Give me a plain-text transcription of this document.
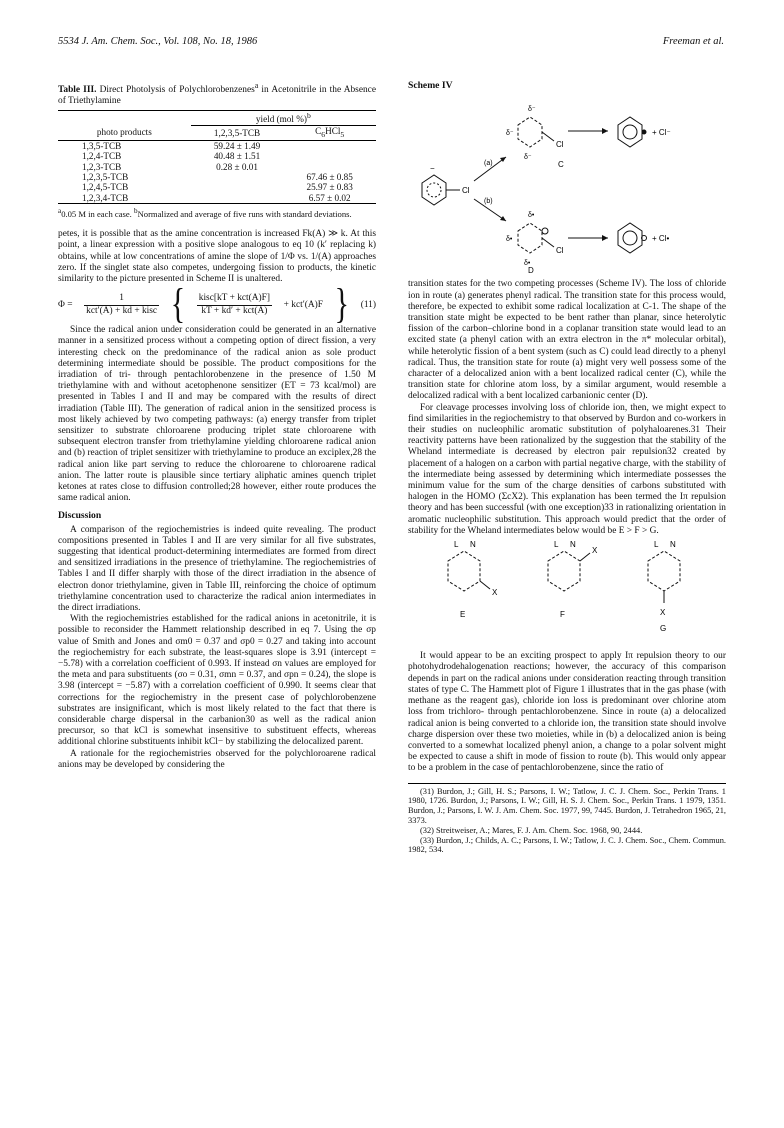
5534 J. Am. Chem. Soc., Vol. 108, No. 18, 1986	Freeman et al.
Table III. Direct Photolysis of Polychlorobenzenes$^a$ in Acetonitrile in the Absence of Triethylamine
	yield (mol %)$^b$
photo products	1,2,3,5-TCB	$C_6HCl_5$
1,3,5-TCB	59.24 ± 1.49	
1,2,4-TCB	40.48 ± 1.51	
1,2,3-TCB	0.28 ± 0.01	
1,2,3,5-TCB		67.46 ± 0.85
1,2,4,5-TCB		25.97 ± 0.83
1,2,3,4-TCB		6.57 ± 0.02
$^a$0.05 M in each case. $^b$Normalized and average of five runs with standard deviations.

petes, it is possible that as the amine concentration is increased Fk(A) ≫ k. At this point, a linear expression with a positive slope analogous to eq 10 (k′ replacing k) obtains, while at low concentrations of amine the slope of 1/Φ vs. 1/(A) approaches zero. If the singlet state also competes, undergoing fission to products, the kinetic similarity to the picture presented in Scheme II is unaltered.

$\Phi = \frac{1}{\text{kct′(A) + kd + kisc}}$ { $\frac{\text{kisc[kT + kct(A)F]}}{\text{kT + kd′ + kct(A)}} + kct'(A)F$ } (11)

Since the radical anion under consideration could be generated in an alternative manner in a sensitized process without a competing option of direct fission, a very interesting check on the predominance of the radical anion as sole product determining intermediate should be possible. The product compositions for the irradiation of tri- through pentachlorobenzene in the presence of 1.50 M triethylamine with and without acetophenone sensitizer (ET = 73 kcal/mol) are presented in Tables I and II and may be compared with the results of direct irradiation (Table III). The generation of radical anion in the sensitized process is most likely achieved by two competing pathways: (a) energy transfer from triplet sensitizer to substrate chloroarene producing triplet state chloroarene with subsequent electron transfer from triethylamine yielding chloroarene radical anion and (b) reaction of triplet sensitizer with triethylamine to produce an exciplex,28 the radical anion like part serving to reduce the chloroarene to chloroarene radical anion. The latter route is plausible since tertiary aliphatic amines quench triplet ketones at rates close to diffusion controlled;28 however, either route produces the same radical anion.

Discussion

A comparison of the regiochemistries is indeed quite revealing. The product compositions presented in Tables I and II are very similar for all five substrates, suggesting that identical product-determining intermediates are formed from direct and sensitized irradiations in the presence of triethylamine. The regiochemistries of Tables I and II differ sharply with those of the direct irradiation in the absence of electron donor triethylamine, given in Table III, reinforcing the choice of optimum triethylamine concentration used to characterize the radical anion intermediates in the direct irradiations.

With the regiochemistries established for the radical anions in acetonitrile, it is possible to reconsider the Hammett relationship described in eq 7. Using the σp value of Smith and Jones and σm0 = 0.37 and σp0 = 0.27 and taking into account the regiochemistry for each substrate, the least-squares slope is 3.91 (intercept = −5.78) with a correlation coefficient of 0.993. If instead σn values are employed for the meta and para substituents (σo = 0.31, σmn = 0.37, and σpn = 0.24), the slope is 3.98 (intercept = −5.87) with a correlation coefficient of 0.990. It seems clear that corrections for the regiochemistry in the present case of polychlorobenzene substrates are insignificant, which is most likely related to the fact that there is considerable charge dispersal in the carbanion30 as well as the radical anion precursor, so that kCl is somewhat insensitive to substituent effects, whereas additional chlorine substituents inhibit kCl− by stabilizing the delocalized parent.

A rationale for the regiochemistries observed for the polychloroarene radical anions may be developed by considering the

Scheme IV
Cl
−
(a)
(b)
δ⁻
δ⁻
δ⁻
Cl
C
+ Cl⁻
δ•
δ•
δ•
Cl
D
+ Cl•

transition states for the two competing processes (Scheme IV). The loss of chloride ion in route (a) generates phenyl radical. The transition state for this process would, therefore, be expected to exhibit some radical localization at C-1. The shape of the transition state might be expected to be bent rather than planar, since heterolytic fission of the carbon–chlorine bond in a coplanar transition state would lead to an excited state (a phenyl cation with an extra electron in the π* molecular orbital), while heterolytic fission of a bent system (such as C) could lead directly to a phenyl radical. Thus, the transition state for route (a) might very well possess some of the character of a delocalized anion with a bent localized radical center (C), while the transition state for chlorine atom loss, by a similar argument, would resemble a delocalized radical with a bent localized carbanionic center (D).

For cleavage processes involving loss of chloride ion, then, we might expect to find similarities in the regiochemistry to that observed by Burdon and co-workers in their studies on nucleophilic aromatic substitution of polyhaloarenes.31 Their reactivity patterns have been rationalized by the suggestion that the stability of the Wheland intermediate is decreased by electron pair repulsion32 created by placement of a halogen on a carbon with partial negative charge, with the stability of the intermediate being assessed by determining which intermediate possesses the minimum value for the sum of the charge densities of carbons substituted with halogen in the HOMO (ΣcX2). This explanation has been termed the Iπ repulsion theory and has been successful (with one exception)33 in rationalizing orientation in aromatic nucleophilic substitution. This approach would predict that the order of stability for the Wheland intermediates below would be E > F > G.

L N
X
E
L N
X
F
L N
X
G

It would appear to be an exciting prospect to apply Iπ repulsion theory to our photohydrodehalogenation reactions; however, the accuracy of this comparison depends in part on the radical anions under consideration reacting through transition states of type C. The Hammett plot of Figure 1 illustrates that in the gas phase (with methane as the reagent gas), chloride ion loss is predominant over chlorine atom loss from trichloro- through pentachlorobenzene. Since in route (a) a delocalized radical anion is being converted to a chloride ion, the transition state should involve charge dispersion over these two moieties, while in (b) a delocalized anion is being converted to a somewhat localized phenyl anion, a change to a polar solvent might be expected to cause a shift in mode of fission to route (b). This would only appear to be a problem in the case of pentachlorobenzene, since the ratio of

(31) Burdon, J.; Gill, H. S.; Parsons, I. W.; Tatlow, J. C. J. Chem. Soc., Perkin Trans. 1 1980, 1726. Burdon, J.; Parsons, I. W.; Gill, H. S. J. Chem. Soc., Perkin Trans. 1 1979, 1351. Burdon, J.; Parsons, I. W. J. Am. Chem. Soc. 1977, 99, 7445. Burdon, J. Tetrahedron 1965, 21, 3373.

(32) Streitweiser, A.; Mares, F. J. Am. Chem. Soc. 1968, 90, 2444.

(33) Burdon, J.; Childs, A. C.; Parsons, I. W.; Tatlow, J. C. J. Chem. Soc., Chem. Commun. 1982, 534.
